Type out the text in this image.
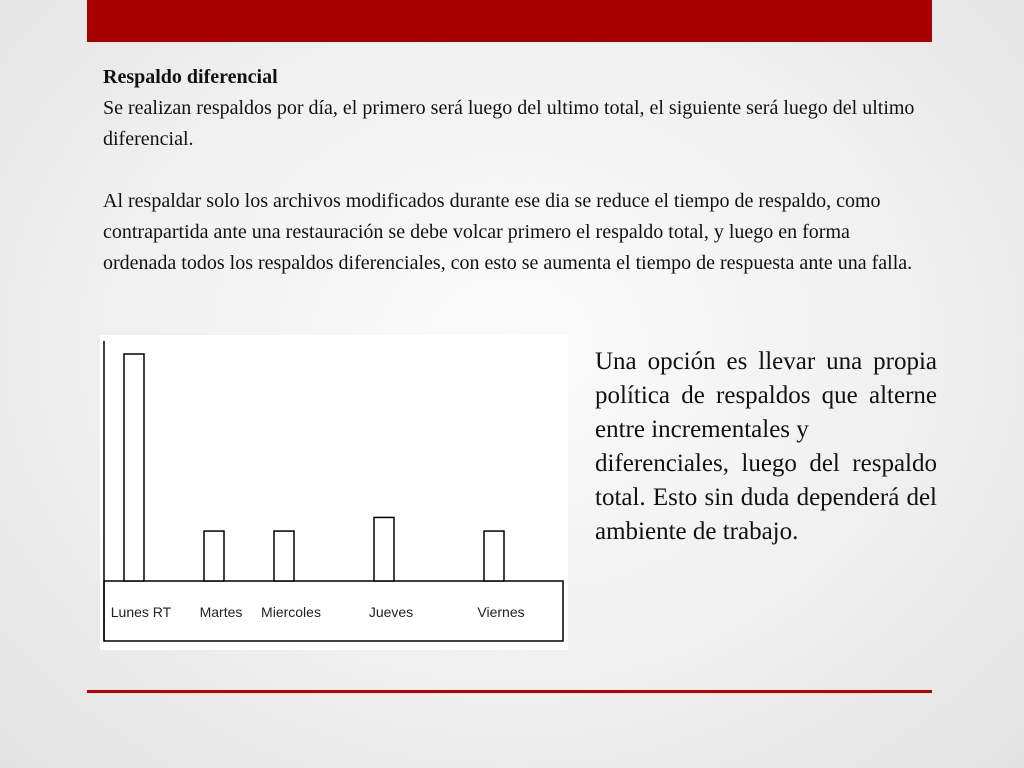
Respaldo diferencial

Se realizan respaldos por día, el primero será luego del ultimo total, el siguiente será luego del ultimo diferencial.

Al respaldar solo los archivos modificados durante ese dia se reduce el tiempo de respaldo, como contrapartida ante una restauración se debe volcar primero el respaldo total, y luego en forma ordenada todos los respaldos diferenciales, con esto se aumenta el tiempo de respuesta ante una falla.

Lunes RT Martes Miercoles	Jueves	Viernes

Una opción es llevar una propia política de respaldos que alterne entre incrementales y
diferenciales, luego del respaldo total. Esto sin duda dependerá del ambiente de trabajo.
